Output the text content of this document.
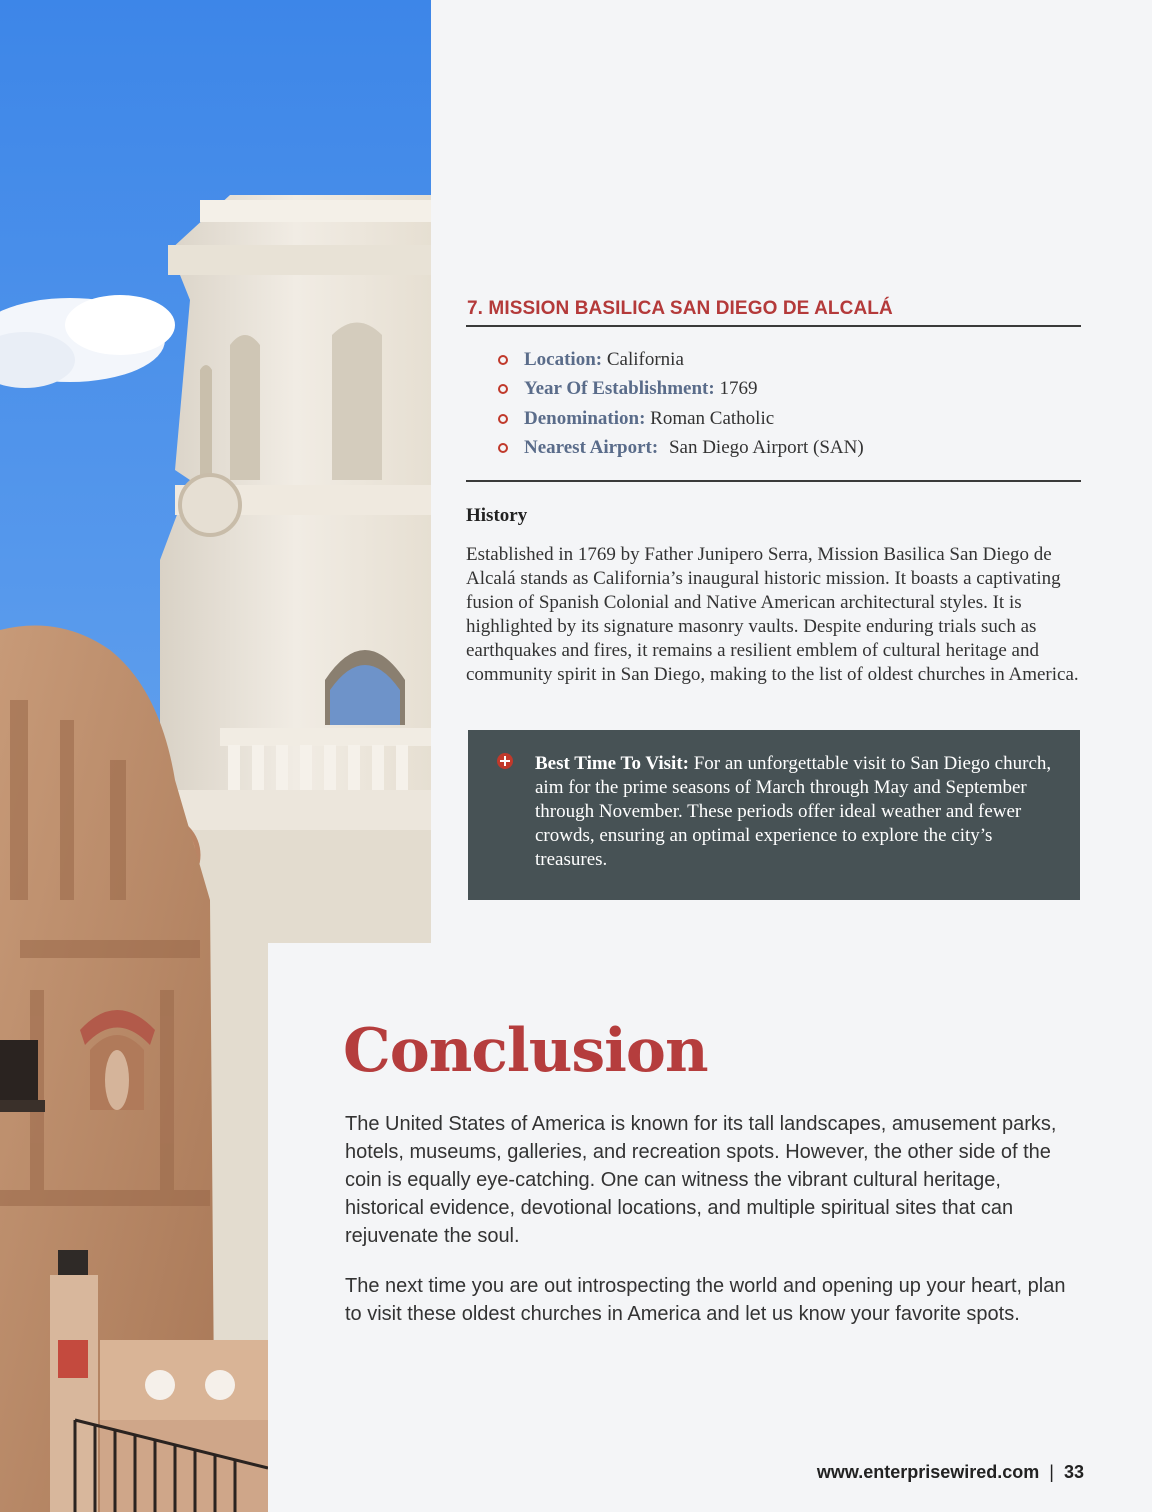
7. MISSION BASILICA SAN DIEGO DE ALCALÁ
Location: California
Year Of Establishment: 1769
Denomination: Roman Catholic
Nearest Airport: San Diego Airport (SAN)
History

Established in 1769 by Father Junipero Serra, Mission Basilica San Diego de Alcalá stands as California’s inaugural historic mission. It boasts a captivating fusion of Spanish Colonial and Native American architectural styles. It is highlighted by its signature masonry vaults. Despite enduring trials such as earthquakes and fires, it remains a resilient emblem of cultural heritage and community spirit in San Diego, making to the list of oldest churches in America.

Best Time To Visit: For an unforgettable visit to San Diego church, aim for the prime seasons of March through May and September through November. These periods offer ideal weather and fewer crowds, ensuring an optimal experience to explore the city’s treasures.

Conclusion

The United States of America is known for its tall landscapes, amusement parks, hotels, museums, galleries, and recreation spots. However, the other side of the coin is equally eye-catching. One can witness the vibrant cultural heritage, historical evidence, devotional locations, and multiple spiritual sites that can rejuvenate the soul.

The next time you are out introspecting the world and opening up your heart, plan to visit these oldest churches in America and let us know your favorite spots.

www.enterprisewired.com | 33
